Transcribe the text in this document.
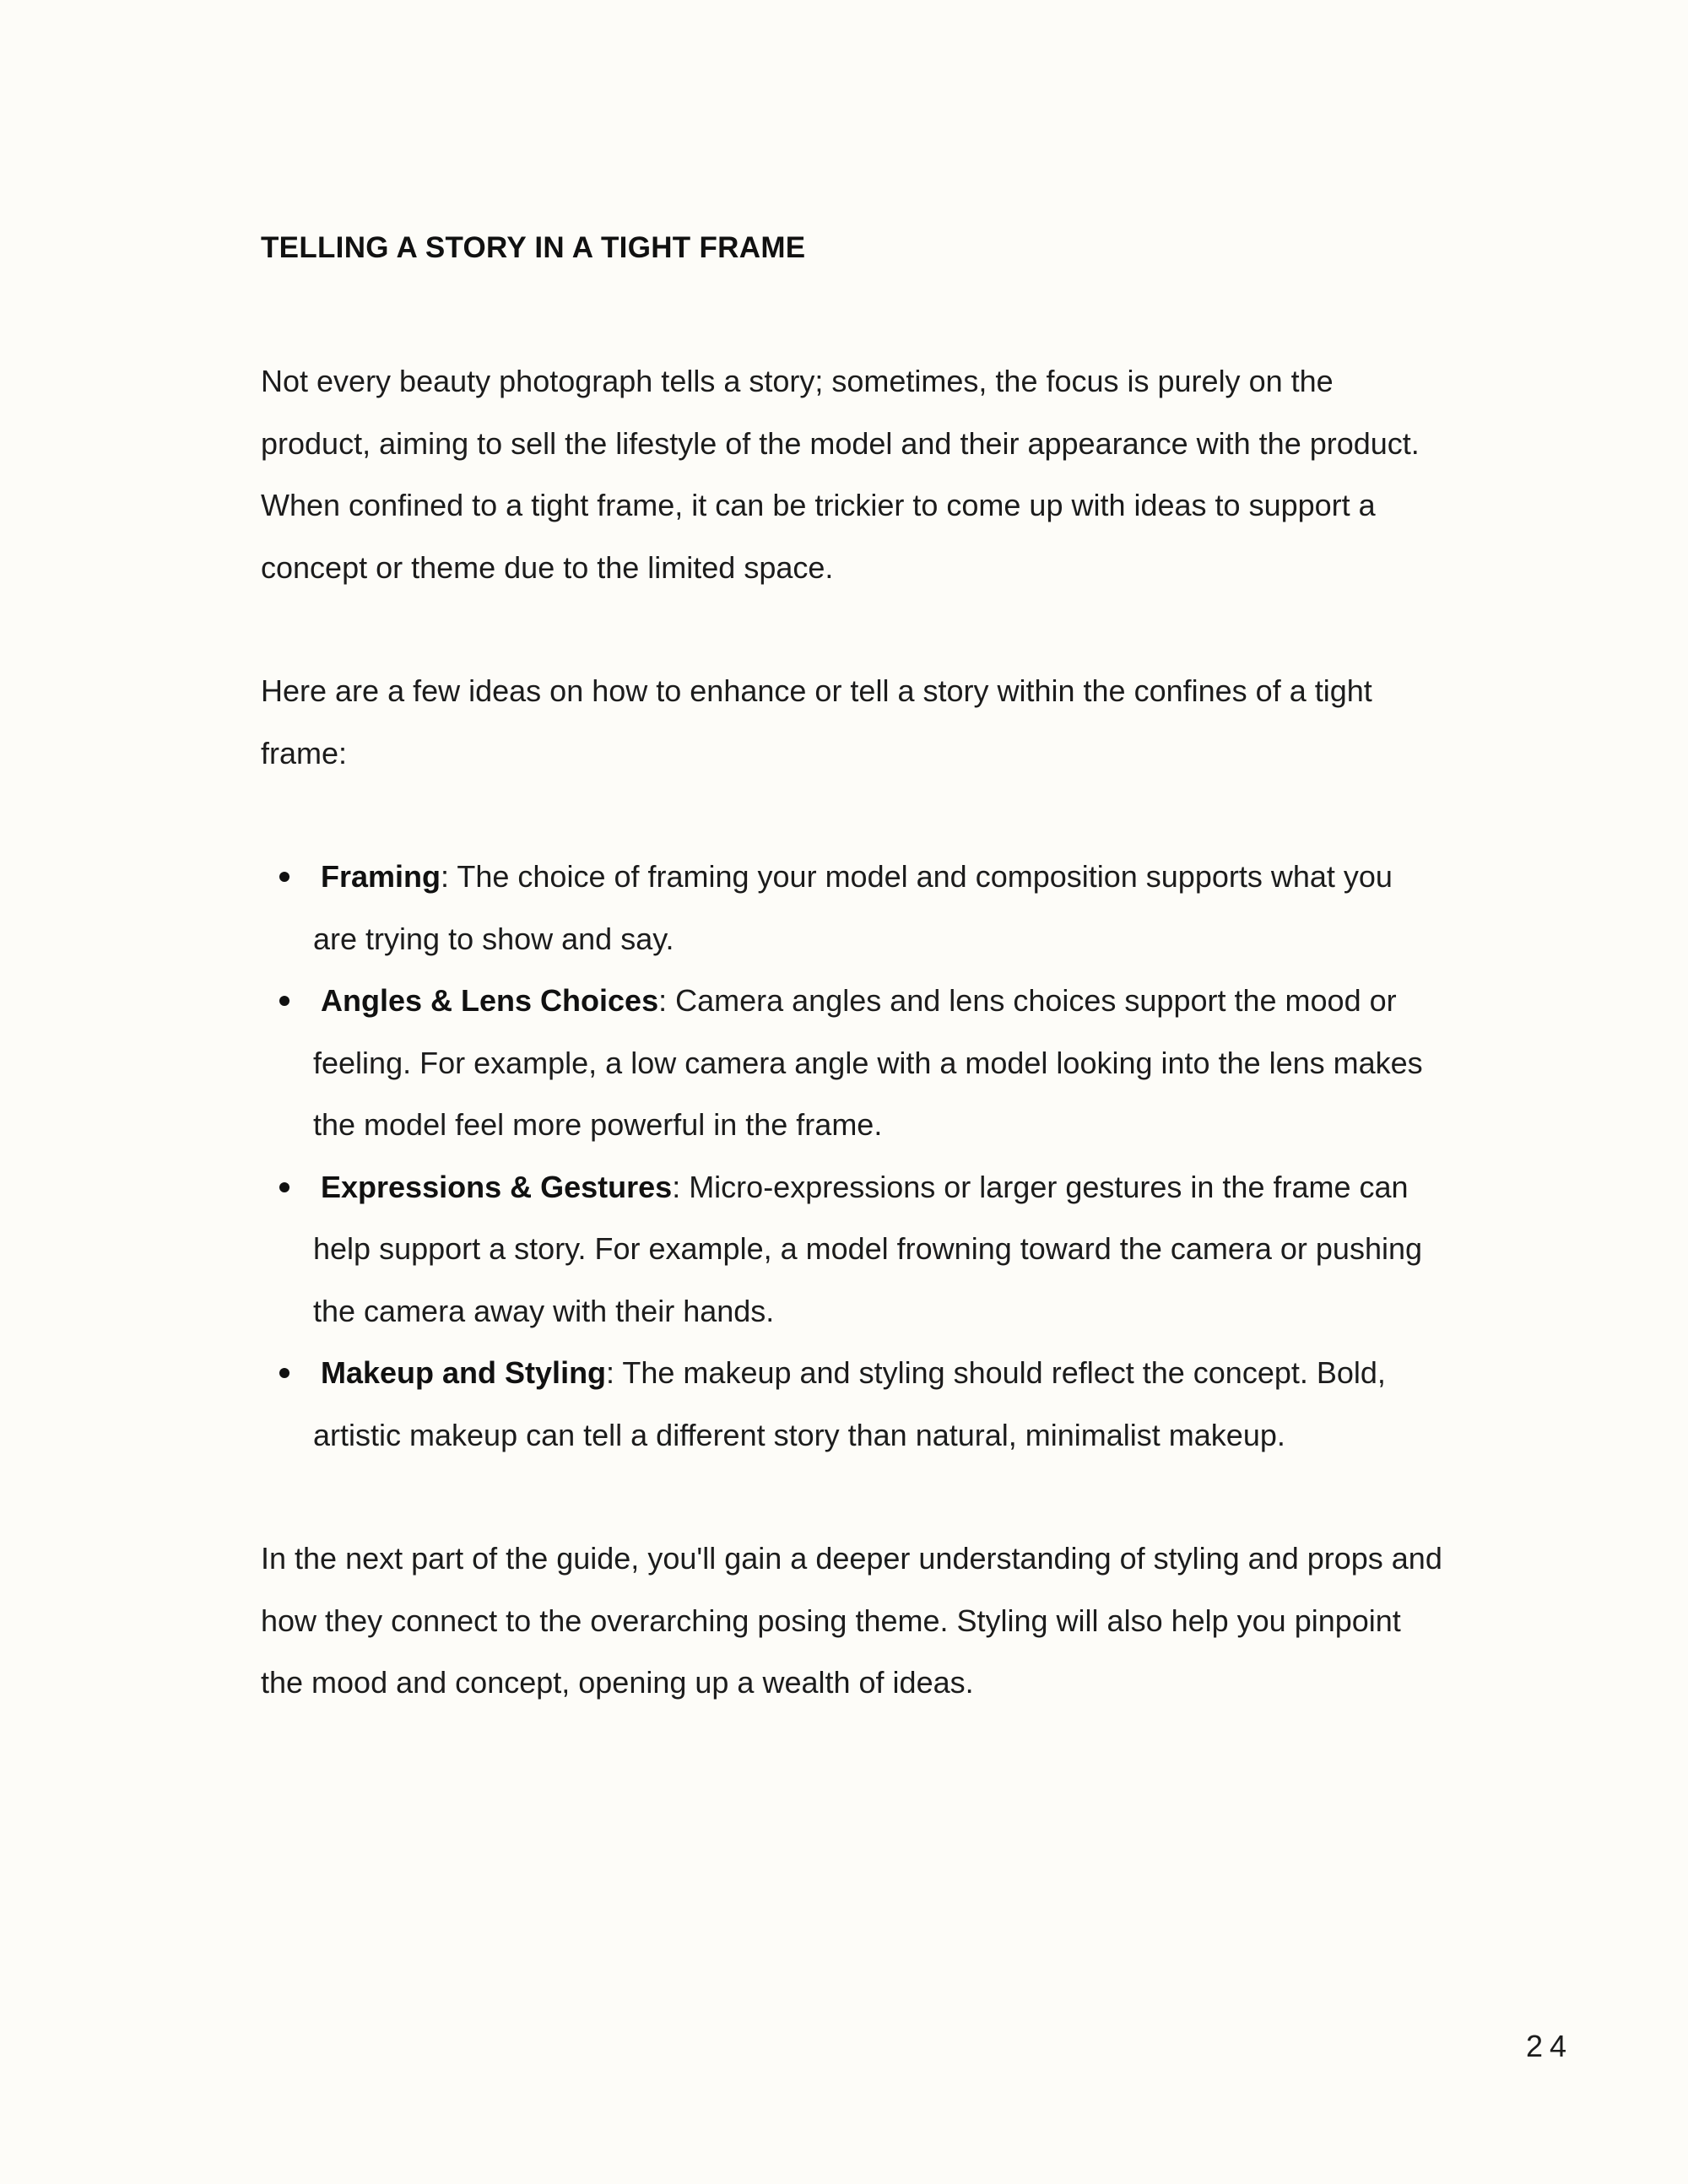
TELLING A STORY IN A TIGHT FRAME

Not every beauty photograph tells a story; sometimes, the focus is purely on the product, aiming to sell the lifestyle of the model and their appearance with the product. When confined to a tight frame, it can be trickier to come up with ideas to support a concept or theme due to the limited space.

Here are a few ideas on how to enhance or tell a story within the confines of a tight frame:

Framing: The choice of framing your model and composition supports what you are trying to show and say.
Angles & Lens Choices: Camera angles and lens choices support the mood or feeling. For example, a low camera angle with a model looking into the lens makes the model feel more powerful in the frame.
Expressions & Gestures: Micro-expressions or larger gestures in the frame can help support a story. For example, a model frowning toward the camera or pushing the camera away with their hands.
Makeup and Styling: The makeup and styling should reflect the concept. Bold, artistic makeup can tell a different story than natural, minimalist makeup.

In the next part of the guide, you'll gain a deeper understanding of styling and props and how they connect to the overarching posing theme. Styling will also help you pinpoint the mood and concept, opening up a wealth of ideas.

24
